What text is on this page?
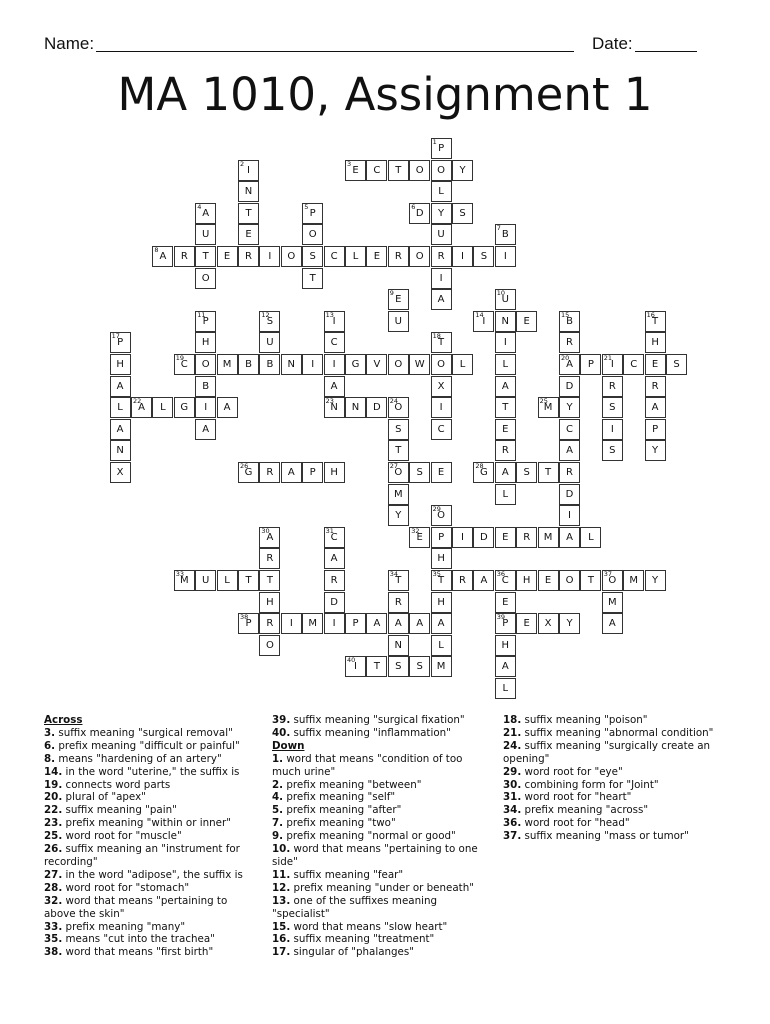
Name:	Date:
MA 1010, Assignment 1
1
P
O
L
Y
U
R
I
A
2
I
N
T
E
R
3
E	C	T	O	Y
4
A
U
T
O
5
P
O
S
T
6
D	S
7
B
I
8
A	R	E	I	O	C	L	E	R	O	I	S
9
E
U
10
U
N
I
L
A
T
E
R
A
L
11
P
H
O
B
I
A
12
S
U
B
13
I
C
I
A
23
N
14
I	E
15
B
R
20
A
D
Y
C
A
R
D
I
A
16
T
H
E
R
A
P
Y
17
P
H
A
L
A
N
X
18
T
O
X
I
C
19
C	M	B	N	I	G	V	O	W	L	P
21
I	C	S
R
S
I
S
22
A	L	G	A	N	D
24
O
S
T
27
O
M
Y
25
M
26
G	R	A	P	H	S	E
28
G	S	T
29
O
P
H
35
T
H
A
L
M
30
A
R
T
H
R
O
31
C
A
R
D
I
32
E	I	D	E	R	M	L
33
M	U	L	T
34
T
R
A
N
S
R	A
36
C	H	E	O	T
37
O	M	Y
E
39
P
H
A
L
M
A
38
P	I	M	P	A	A	E	X	Y
40
I	T	S
Across
3. suffix meaning "surgical removal"
6. prefix meaning "difficult or painful"
8. means "hardening of an artery"
14. in the word "uterine," the suffix is
19. connects word parts
20. plural of "apex"
22. suffix meaning "pain"
23. prefix meaning "within or inner"
25. word root for "muscle"
26. suffix meaning an "instrument for recording"
27. in the word "adipose", the suffix is
28. word root for "stomach"
32. word that means "pertaining to above the skin"
33. prefix meaning "many"
35. means "cut into the trachea"
38. word that means "first birth"
39. suffix meaning "surgical fixation"
40. suffix meaning "inflammation"
Down
1. word that means "condition of too much urine"
2. prefix meaning "between"
4. prefix meaning "self"
5. prefix meaning "after"
7. prefix meaning "two"
9. prefix meaning "normal or good"
10. word that means "pertaining to one side"
11. suffix meaning "fear"
12. prefix meaning "under or beneath"
13. one of the suffixes meaning "specialist"
15. word that means "slow heart"
16. suffix meaning "treatment"
17. singular of "phalanges"
18. suffix meaning "poison"
21. suffix meaning "abnormal condition"
24. suffix meaning "surgically create an opening"
29. word root for "eye"
30. combining form for "Joint"
31. word root for "heart"
34. prefix meaning "across"
36. word root for "head"
37. suffix meaning "mass or tumor"
